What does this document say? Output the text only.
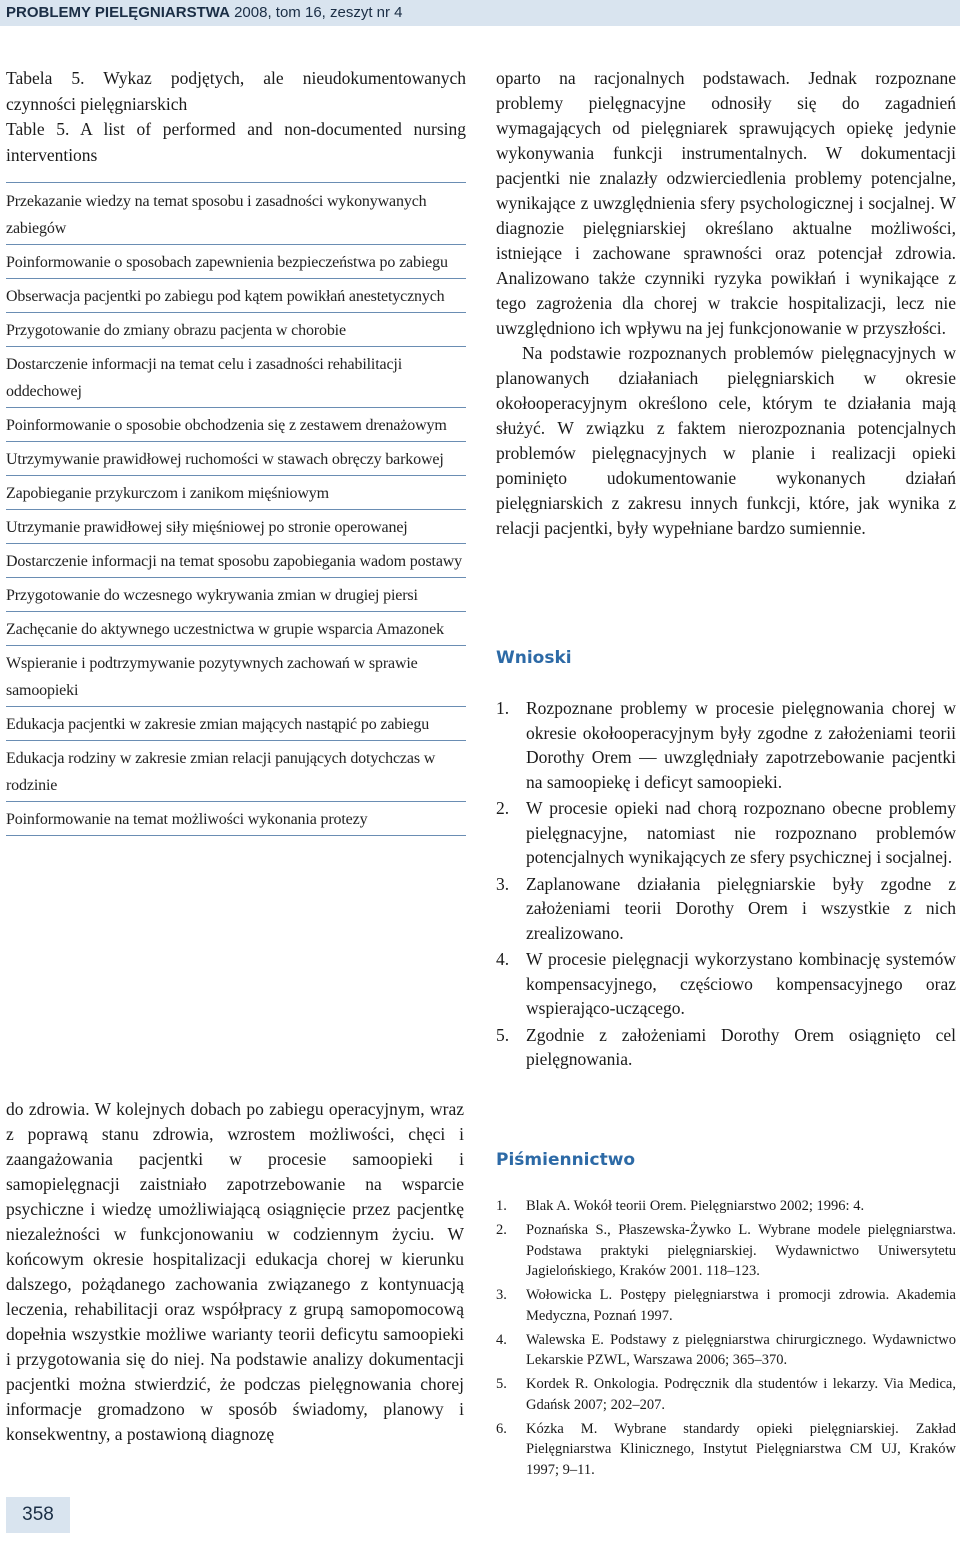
PROBLEMY PIELĘGNIARSTWA 2008, tom 16, zeszyt nr 4

Tabela 5. Wykaz podjętych, ale nieudokumentowanych czynności pielęgniarskich

Table 5. A list of performed and non-documented nursing interventions

Przekazanie wiedzy na temat sposobu i zasadności wykonywanych zabiegów
Poinformowanie o sposobach zapewnienia bezpieczeństwa po zabiegu
Obserwacja pacjentki po zabiegu pod kątem powikłań anestetycznych
Przygotowanie do zmiany obrazu pacjenta w chorobie
Dostarczenie informacji na temat celu i zasadności rehabilitacji oddechowej
Poinformowanie o sposobie obchodzenia się z zestawem drenażowym
Utrzymywanie prawidłowej ruchomości w stawach obręczy barkowej
Zapobieganie przykurczom i zanikom mięśniowym
Utrzymanie prawidłowej siły mięśniowej po stronie operowanej
Dostarczenie informacji na temat sposobu zapobiegania wadom postawy
Przygotowanie do wczesnego wykrywania zmian w drugiej piersi
Zachęcanie do aktywnego uczestnictwa w grupie wsparcia Amazonek
Wspieranie i podtrzymywanie pozytywnych zachowań w sprawie samoopieki
Edukacja pacjentki w zakresie zmian mających nastąpić po zabiegu
Edukacja rodziny w zakresie zmian relacji panujących dotychczas w rodzinie
Poinformowanie na temat możliwości wykonania protezy

do zdrowia. W kolejnych dobach po zabiegu operacyjnym, wraz z poprawą stanu zdrowia, wzrostem możliwości, chęci i zaangażowania pacjentki w procesie samoopieki i samopielęgnacji zaistniało zapotrzebowanie na wsparcie psychiczne i wiedzę umożliwiającą osiągnięcie przez pacjentkę niezależności w funkcjonowaniu w codziennym życiu. W końcowym okresie hospitalizacji edukacja chorej w kierunku dalszego, pożądanego zachowania związanego z kontynuacją leczenia, rehabilitacji oraz współpracy z grupą samopomocową dopełnia wszystkie możliwe warianty teorii deficytu samoopieki i przygotowania się do niej. Na podstawie analizy dokumentacji pacjentki można stwierdzić, że podczas pielęgnowania chorej informacje gromadzono w sposób świadomy, planowy i konsekwentny, a postawioną diagnozę

oparto na racjonalnych podstawach. Jednak rozpoznane problemy pielęgnacyjne odnosiły się do zagadnień wymagających od pielęgniarek sprawujących opiekę jedynie wykonywania funkcji instrumentalnych. W dokumentacji pacjentki nie znalazły odzwierciedlenia problemy potencjalne, wynikające z uwzględnienia sfery psychologicznej i socjalnej. W diagnozie pielęgniarskiej określano aktualne możliwości, istniejące i zachowane sprawności oraz potencjał zdrowia. Analizowano także czynniki ryzyka powikłań i wynikające z tego zagrożenia dla chorej w trakcie hospitalizacji, lecz nie uwzględniono ich wpływu na jej funkcjonowanie w przyszłości.

Na podstawie rozpoznanych problemów pielęgnacyjnych w planowanych działaniach pielęgniarskich w okresie okołooperacyjnym określono cele, którym te działania mają służyć. W związku z faktem nierozpoznania potencjalnych problemów pielęgnacyjnych w planie i realizacji opieki pominięto udokumentowanie wykonanych działań pielęgniarskich z zakresu innych funkcji, które, jak wynika z relacji pacjentki, były wypełniane bardzo sumiennie.

Wnioski
1. Rozpoznane problemy w procesie pielęgnowania chorej w okresie okołooperacyjnym były zgodne z założeniami teorii Dorothy Orem — uwzględniały zapotrzebowanie pacjentki na samoopiekę i deficyt samoopieki.
2. W procesie opieki nad chorą rozpoznano obecne problemy pielęgnacyjne, natomiast nie rozpoznano problemów potencjalnych wynikających ze sfery psychicznej i socjalnej.
3. Zaplanowane działania pielęgniarskie były zgodne z założeniami teorii Dorothy Orem i wszystkie z nich zrealizowano.
4. W procesie pielęgnacji wykorzystano kombinację systemów kompensacyjnego, częściowo kompensacyjnego oraz wspierająco-uczącego.
5. Zgodnie z założeniami Dorothy Orem osiągnięto cel pielęgnowania.
Piśmiennictwo
1.	Blak A. Wokół teorii Orem. Pielęgniarstwo 2002; 1996: 4.
2.	Poznańska S., Płaszewska-Żywko L. Wybrane modele pielęgniarstwa. Podstawa praktyki pielęgniarskiej. Wydawnictwo Uniwersytetu Jagielońskiego, Kraków 2001. 118–123.
3.	Wołowicka L. Postępy pielęgniarstwa i promocji zdrowia. Akademia Medyczna, Poznań 1997.
4.	Walewska E. Podstawy z pielęgniarstwa chirurgicznego. Wydawnictwo Lekarskie PZWL, Warszawa 2006; 365–370.
5.	Kordek R. Onkologia. Podręcznik dla studentów i lekarzy. Via Medica, Gdańsk 2007; 202–207.
6.	Kózka M. Wybrane standardy opieki pielęgniarskiej. Zakład Pielęgniarstwa Klinicznego, Instytut Pielęgniarstwa CM UJ, Kraków 1997; 9–11.
358
